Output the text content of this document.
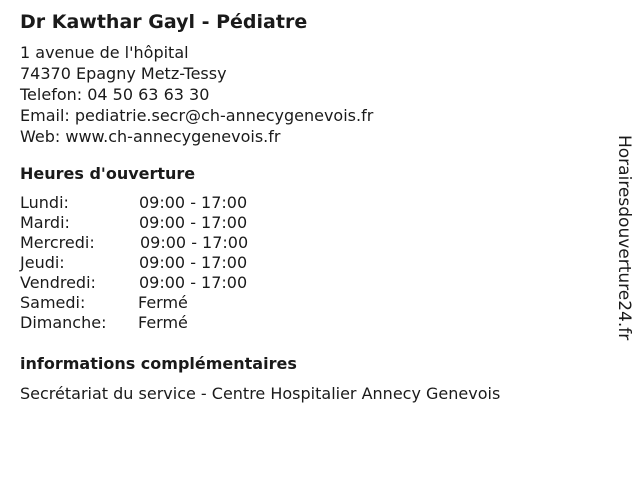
Dr Kawthar Gayl - Pédiatre
1 avenue de l'hôpital
74370 Epagny Metz-Tessy
Telefon: 04 50 63 63 30
Email: pediatrie.secr@ch-annecygenevois.fr
Web: www.ch-annecygenevois.fr
Heures d'ouverture
Lundi:	09:00 - 17:00
Mardi:	09:00 - 17:00
Mercredi:	09:00 - 17:00
Jeudi:	09:00 - 17:00
Vendredi:	09:00 - 17:00
Samedi:	Fermé
Dimanche: Fermé
informations complémentaires
Secrétariat du service - Centre Hospitalier Annecy Genevois
Horairesdouverture24.fr
